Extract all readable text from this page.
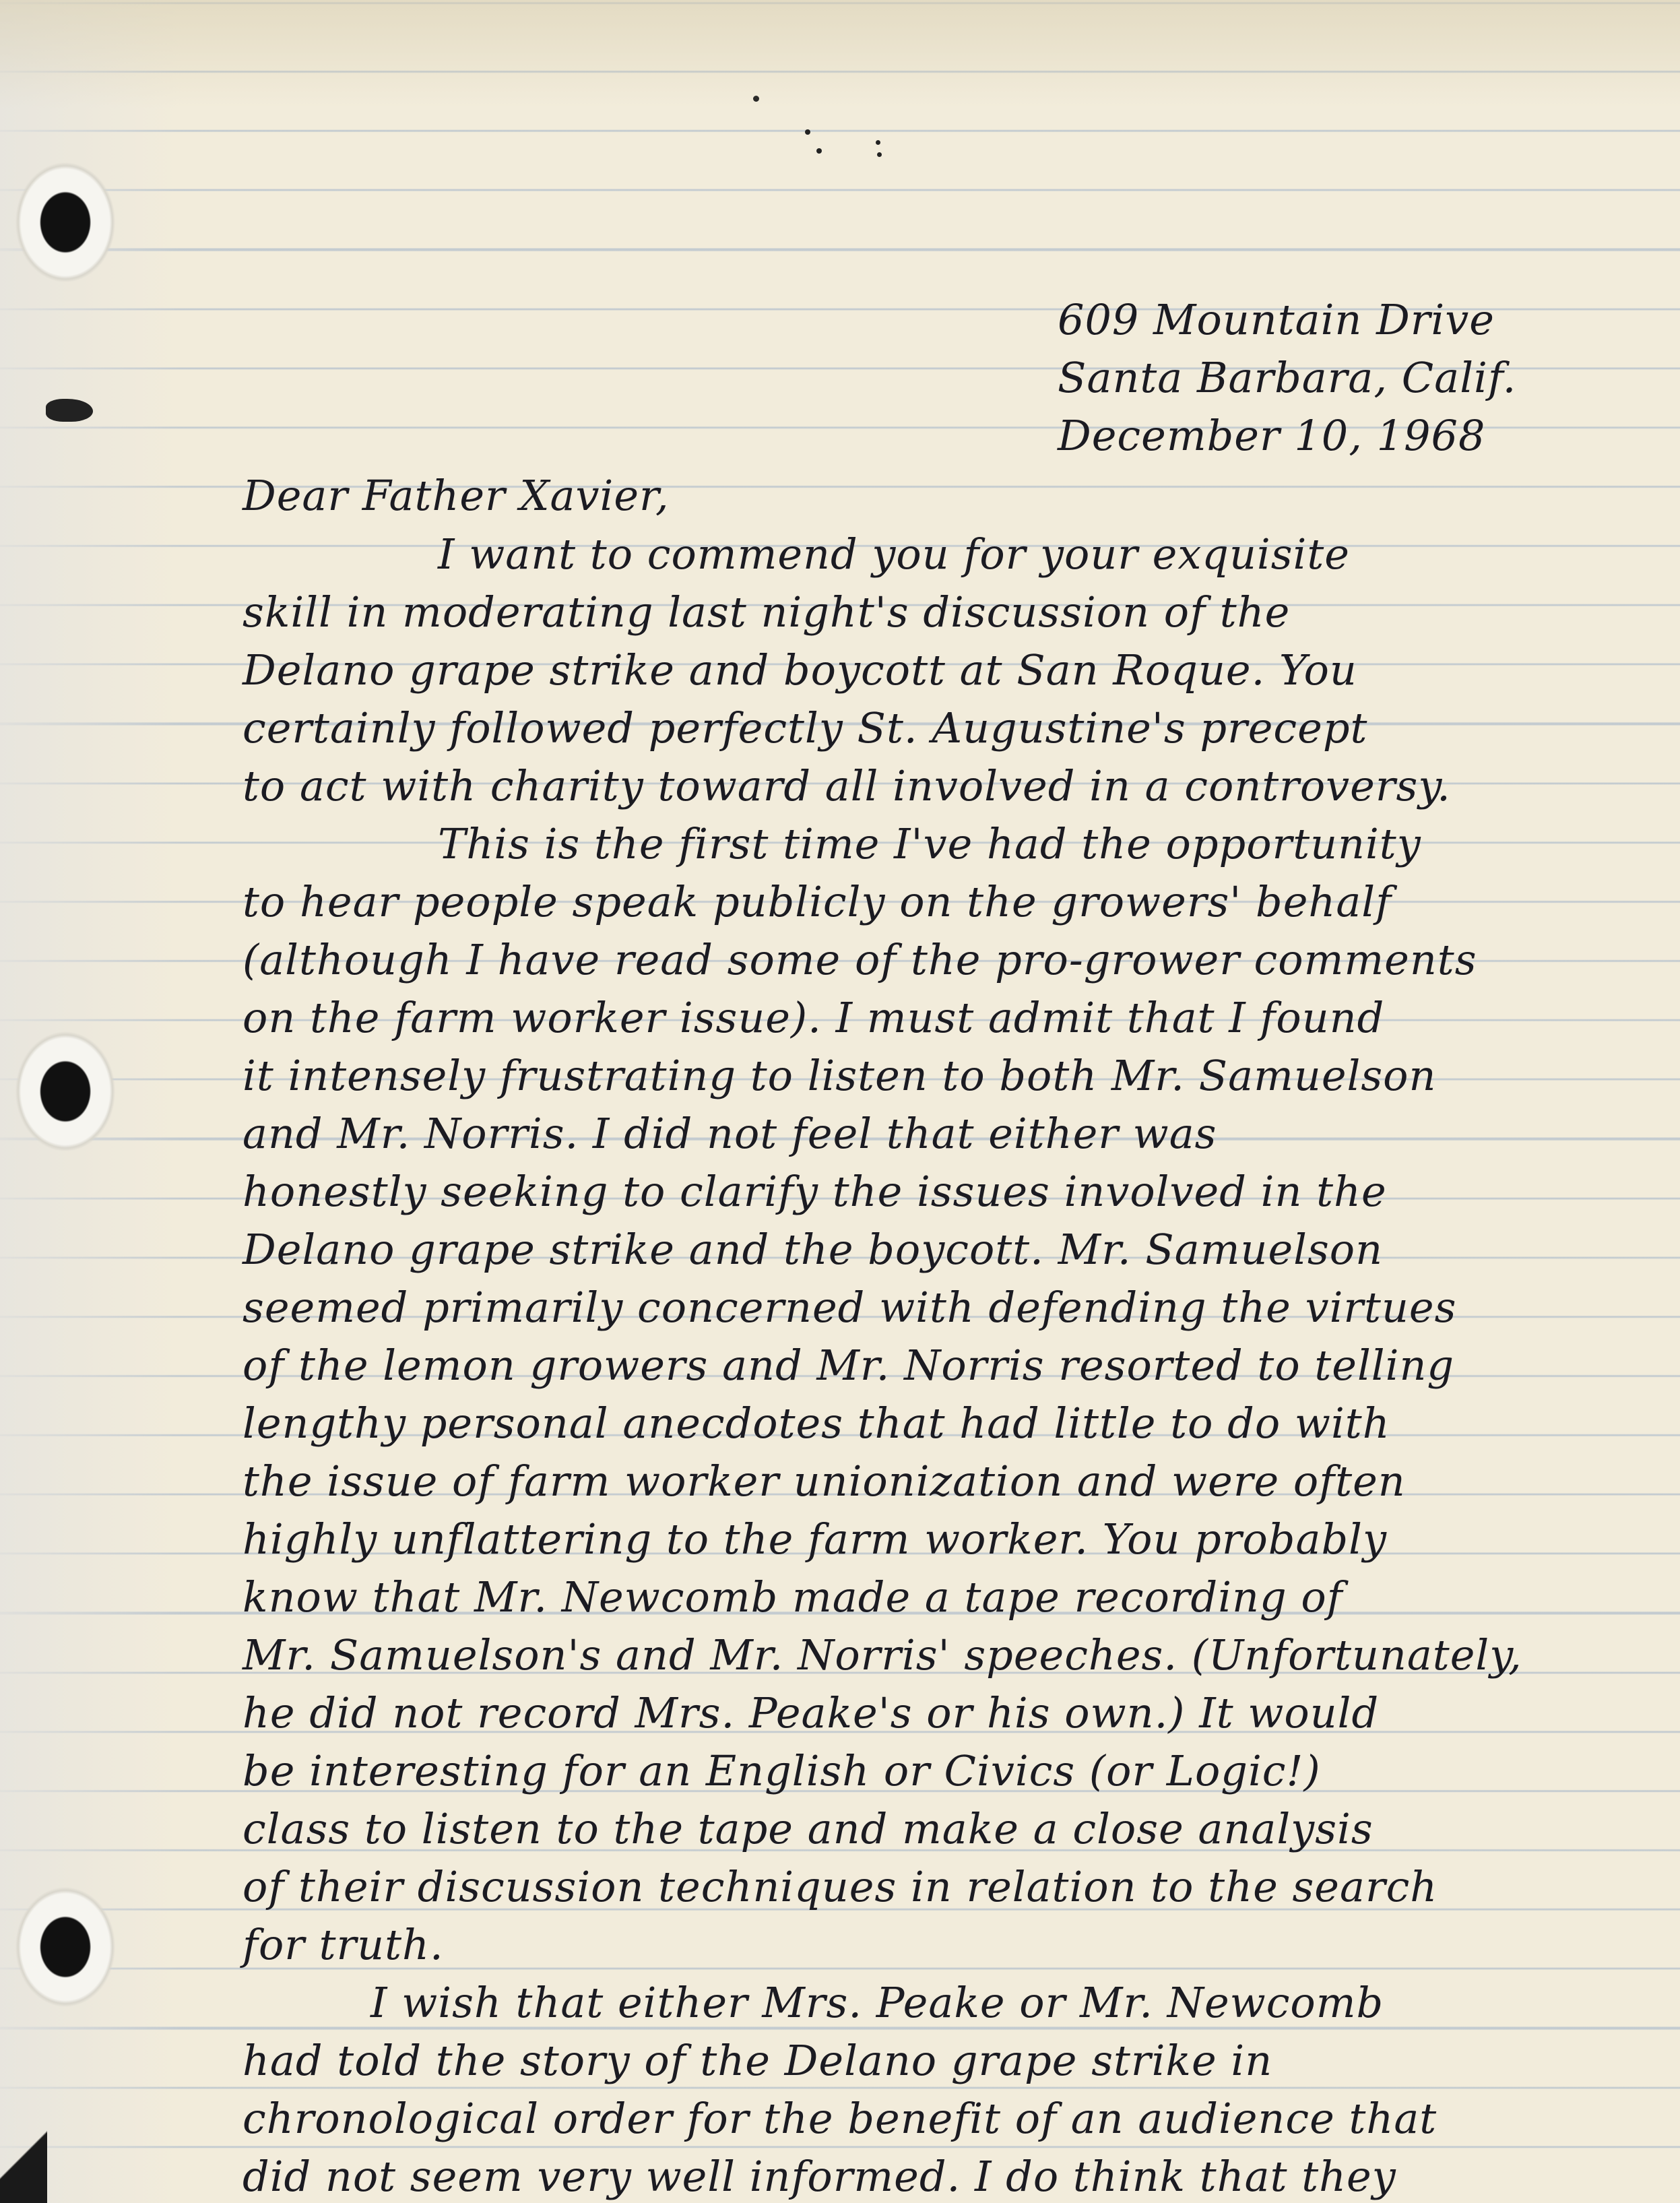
609 Mountain Drive
Santa Barbara, Calif.
December 10, 1968
Dear Father Xavier,
I want to commend you for your exquisite
skill in moderating last night's discussion of the
Delano grape strike and boycott at San Roque. You
certainly followed perfectly St. Augustine's precept
to act with charity toward all involved in a controversy.
This is the first time I've had the opportunity
to hear people speak publicly on the growers' behalf
(although I have read some of the pro-grower comments
on the farm worker issue). I must admit that I found
it intensely frustrating to listen to both Mr. Samuelson
and Mr. Norris. I did not feel that either was
honestly seeking to clarify the issues involved in the
Delano grape strike and the boycott. Mr. Samuelson
seemed primarily concerned with defending the virtues
of the lemon growers and Mr. Norris resorted to telling
lengthy personal anecdotes that had little to do with
the issue of farm worker unionization and were often
highly unflattering to the farm worker. You probably
know that Mr. Newcomb made a tape recording of
Mr. Samuelson's and Mr. Norris' speeches. (Unfortunately,
he did not record Mrs. Peake's or his own.) It would
be interesting for an English or Civics (or Logic!)
class to listen to the tape and make a close analysis
of their discussion techniques in relation to the search
for truth.
I wish that either Mrs. Peake or Mr. Newcomb
had told the story of the Delano grape strike in
chronological order for the benefit of an audience that
did not seem very well informed. I do think that they
